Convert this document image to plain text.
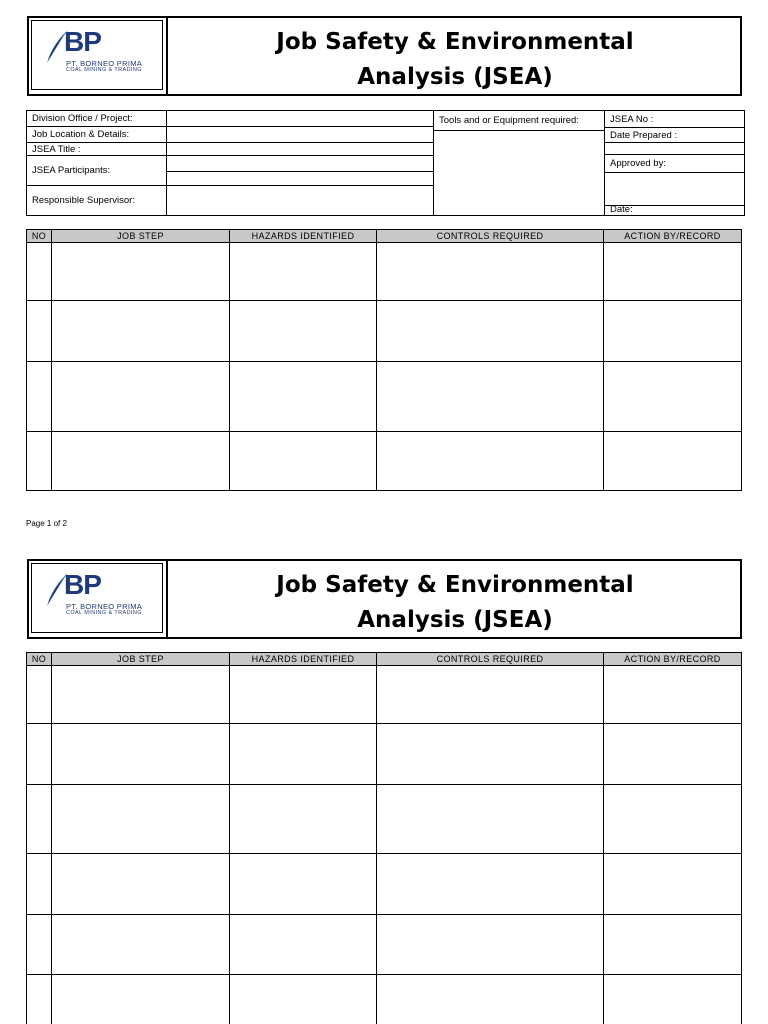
BP
PT. BORNEO PRIMA
COAL MINING & TRADING
Job Safety & Environmental
Analysis (JSEA)
Division Office / Project:
Job Location & Details:
JSEA Title :
JSEA Participants:
Responsible Supervisor:
Tools and or Equipment required:	JSEA No :
Date Prepared :
Approved by:
Date:
NO	JOB STEP	HAZARDS IDENTIFIED	CONTROLS REQUIRED	ACTION BY/RECORD
Page 1 of 2
BP
PT. BORNEO PRIMA
COAL MINING & TRADING
Job Safety & Environmental
Analysis (JSEA)
NO	JOB STEP	HAZARDS IDENTIFIED	CONTROLS REQUIRED	ACTION BY/RECORD
